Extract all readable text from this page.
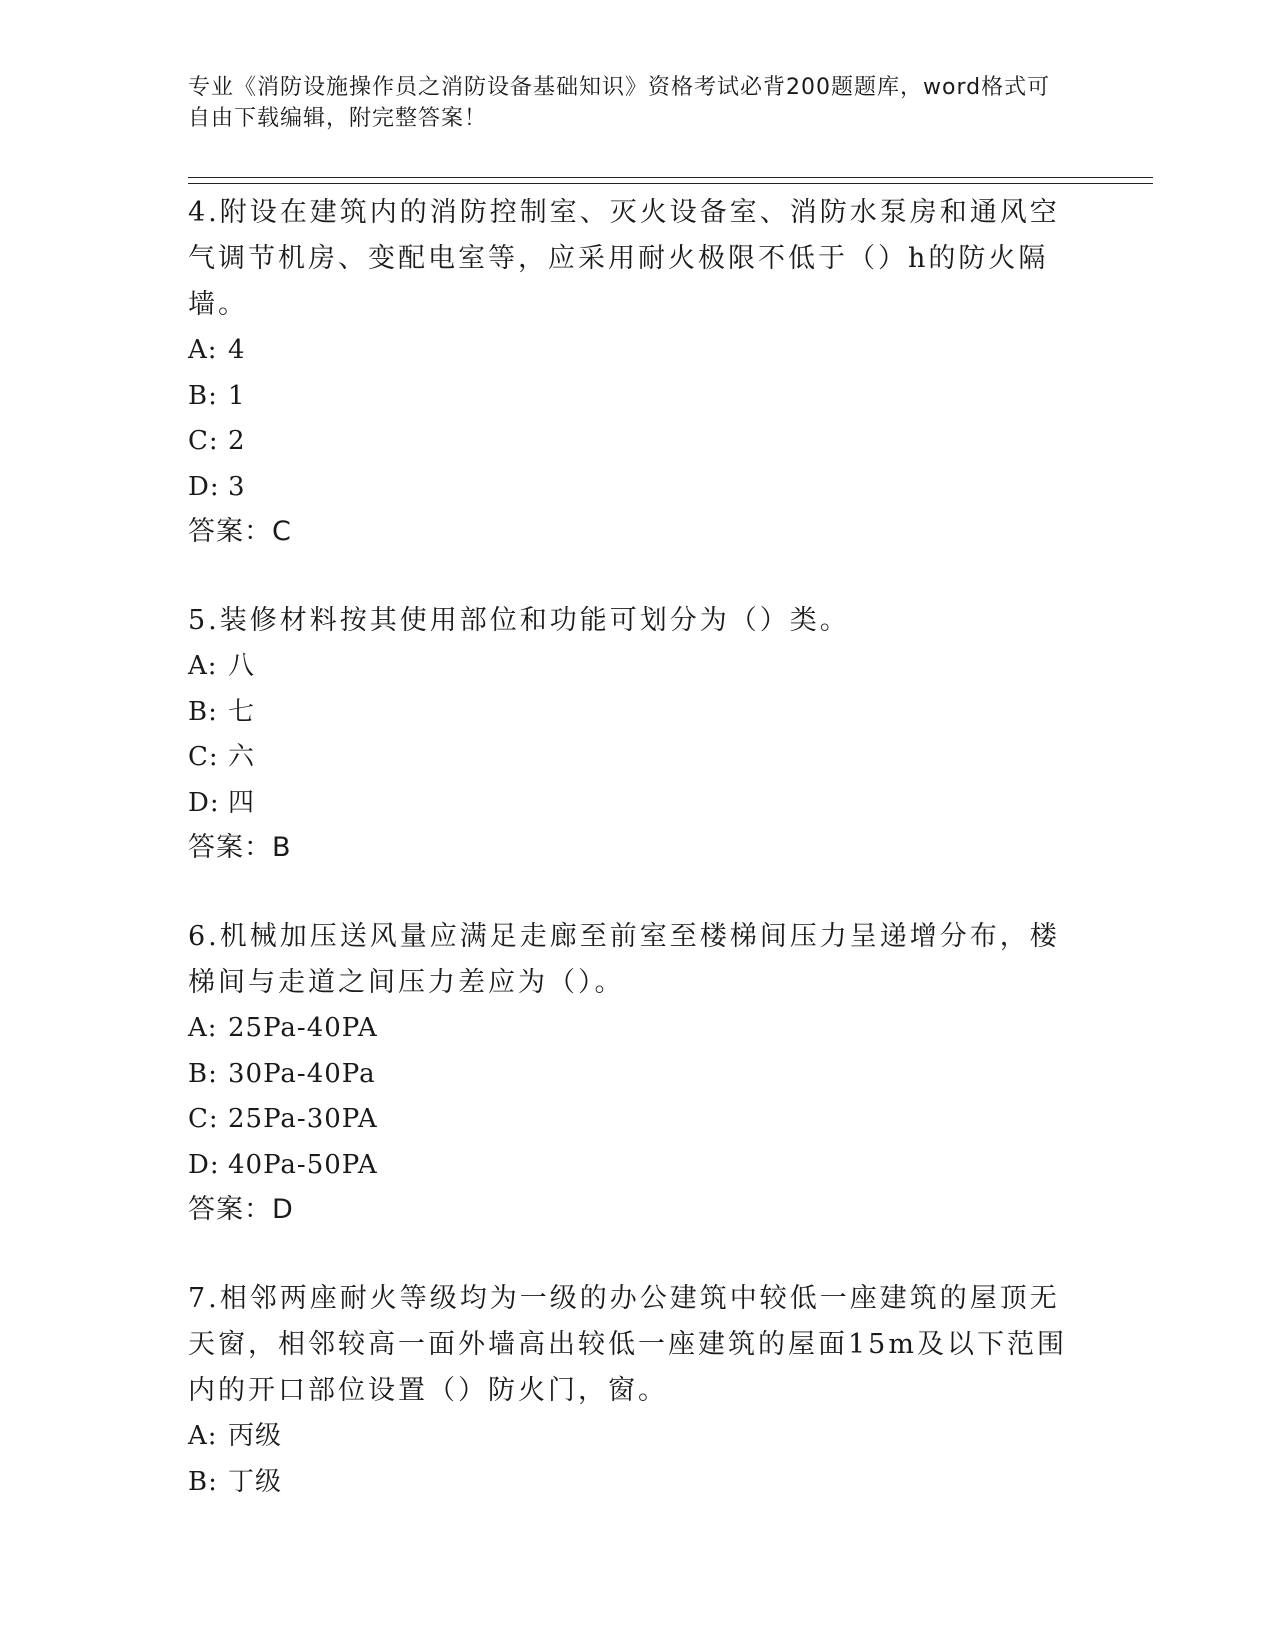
专业《消防设施操作员之消防设备基础知识》资格考试必背200题题库，word格式可自由下载编辑，附完整答案！

4.附设在建筑内的消防控制室、灭火设备室、消防水泵房和通风空气调节机房、变配电室等，应采用耐火极限不低于（）h的防火隔墙。

A: 4

B: 1

C: 2

D: 3

答案：C

5.装修材料按其使用部位和功能可划分为（）类。

A: 八

B: 七

C: 六

D: 四

答案：B

6.机械加压送风量应满足走廊至前室至楼梯间压力呈递增分布，楼梯间与走道之间压力差应为（）。

A: 25Pa-40PA

B: 30Pa-40Pa

C: 25Pa-30PA

D: 40Pa-50PA

答案：D

7.相邻两座耐火等级均为一级的办公建筑中较低一座建筑的屋顶无天窗，相邻较高一面外墙高出较低一座建筑的屋面15m及以下范围内的开口部位设置（）防火门，窗。

A: 丙级

B: 丁级
